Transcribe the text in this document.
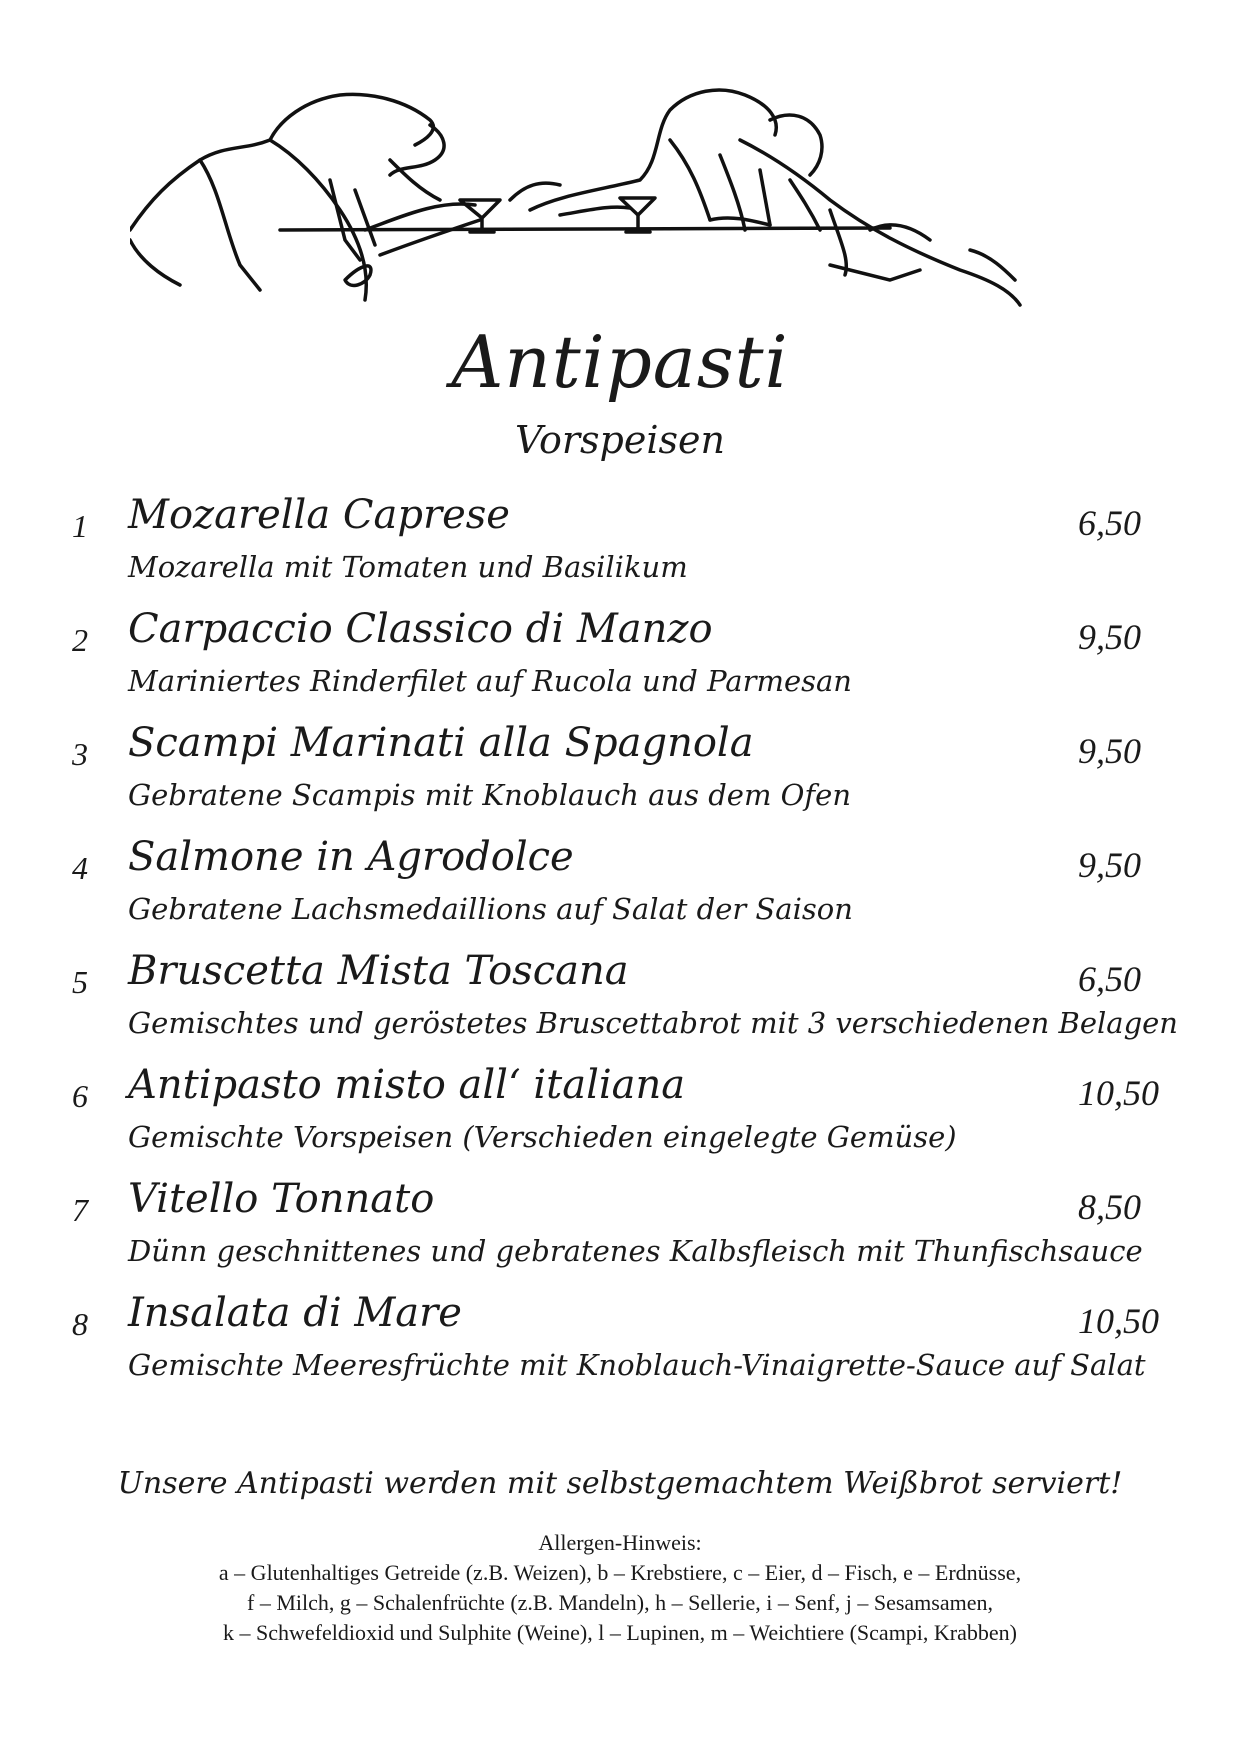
Antipasti
Vorspeisen
1 Mozarella Caprese	6,50
Mozarella mit Tomaten und Basilikum
2 Carpaccio Classico di Manzo	9,50
Mariniertes Rinderfilet auf Rucola und Parmesan
3 Scampi Marinati alla Spagnola	9,50
Gebratene Scampis mit Knoblauch aus dem Ofen
4 Salmone in Agrodolce	9,50
Gebratene Lachsmedaillions auf Salat der Saison
5 Bruscetta Mista Toscana	6,50
Gemischtes und geröstetes Bruscettabrot mit 3 verschiedenen Belagen
6 Antipasto misto all‘ italiana	10,50
Gemischte Vorspeisen (Verschieden eingelegte Gemüse)
7 Vitello Tonnato	8,50
Dünn geschnittenes und gebratenes Kalbsfleisch mit Thunfischsauce
8 Insalata di Mare	10,50
Gemischte Meeresfrüchte mit Knoblauch-Vinaigrette-Sauce auf Salat
Unsere Antipasti werden mit selbstgemachtem Weißbrot serviert!
Allergen-Hinweis:
a – Glutenhaltiges Getreide (z.B. Weizen), b – Krebstiere, c – Eier, d – Fisch, e – Erdnüsse,
f – Milch, g – Schalenfrüchte (z.B. Mandeln), h – Sellerie, i – Senf, j – Sesamsamen,
k – Schwefeldioxid und Sulphite (Weine), l – Lupinen, m – Weichtiere (Scampi, Krabben)
